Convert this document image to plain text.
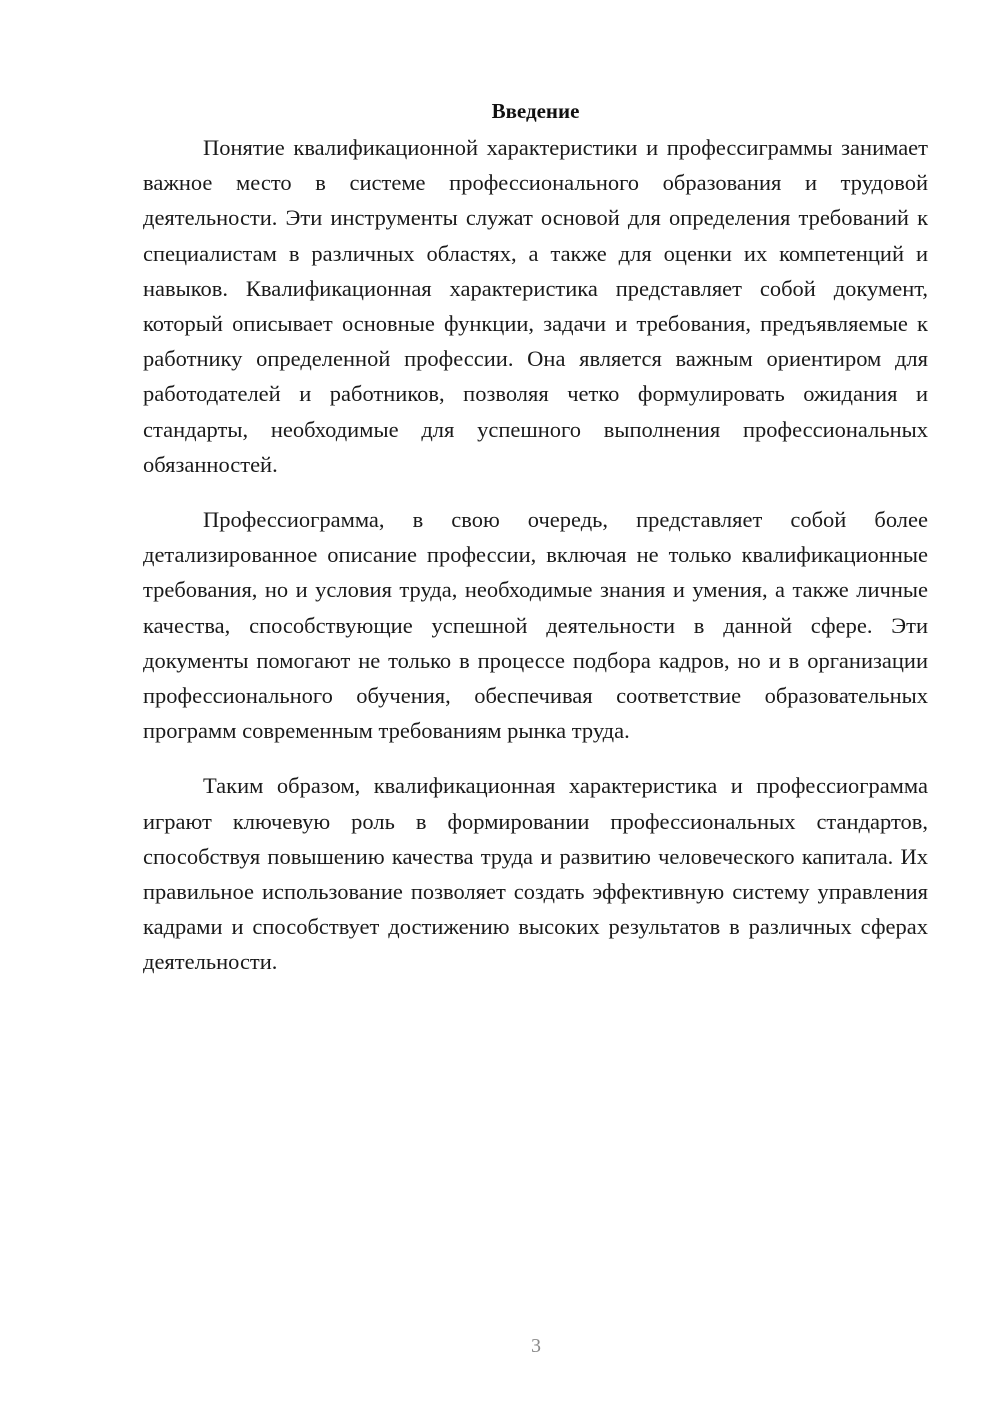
Введение

Понятие квалификационной характеристики и профессиграммы занимает важное место в системе профессионального образования и трудовой деятельности. Эти инструменты служат основой для определения требований к специалистам в различных областях, а также для оценки их компетенций и навыков. Квалификационная характеристика представляет собой документ, который описывает основные функции, задачи и требования, предъявляемые к работнику определенной профессии. Она является важным ориентиром для работодателей и работников, позволяя четко формулировать ожидания и стандарты, необходимые для успешного выполнения профессиональных обязанностей.

Профессиограмма, в свою очередь, представляет собой более детализированное описание профессии, включая не только квалификационные требования, но и условия труда, необходимые знания и умения, а также личные качества, способствующие успешной деятельности в данной сфере. Эти документы помогают не только в процессе подбора кадров, но и в организации профессионального обучения, обеспечивая соответствие образовательных программ современным требованиям рынка труда.

Таким образом, квалификационная характеристика и профессиограмма играют ключевую роль в формировании профессиональных стандартов, способствуя повышению качества труда и развитию человеческого капитала. Их правильное использование позволяет создать эффективную систему управления кадрами и способствует достижению высоких результатов в различных сферах деятельности.

3
